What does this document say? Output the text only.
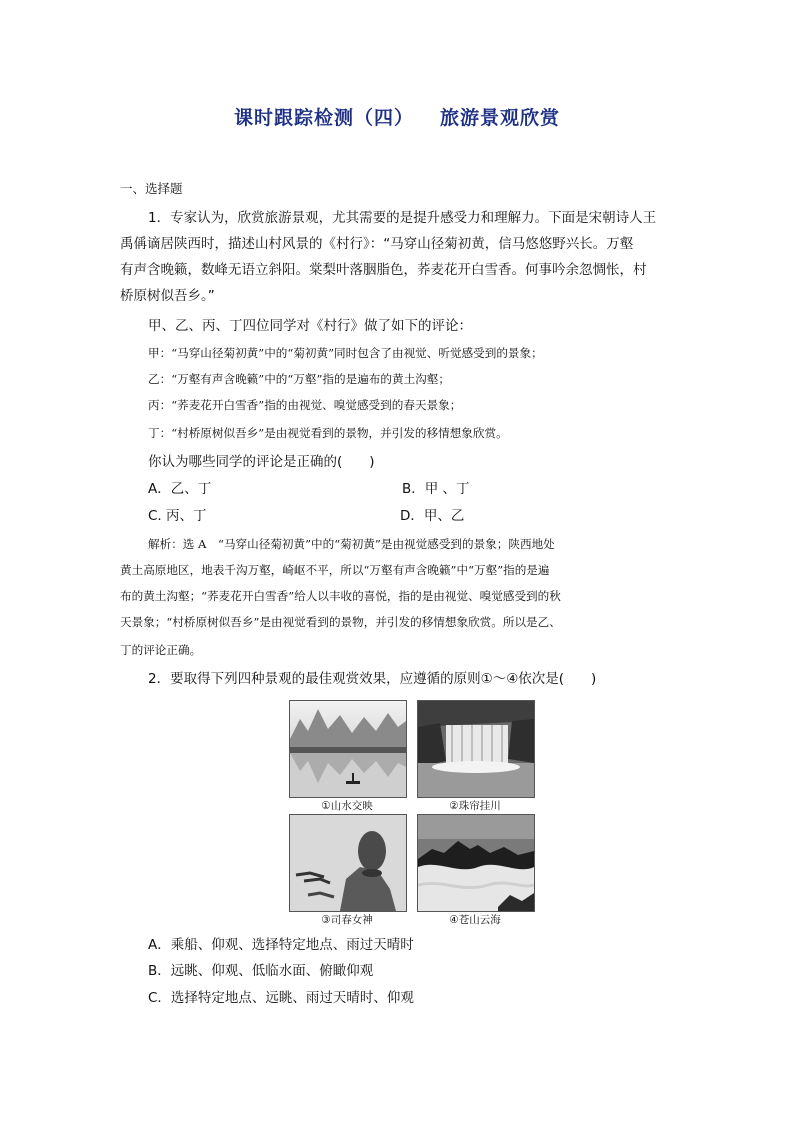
课时跟踪检测（四） 旅游景观欣赏
一、选择题
1．专家认为，欣赏旅游景观，尤其需要的是提升感受力和理解力。下面是宋朝诗人王
禹偁谪居陕西时，描述山村风景的《村行》：“马穿山径菊初黄，信马悠悠野兴长。万壑
有声含晚籁，数峰无语立斜阳。棠梨叶落胭脂色，荞麦花开白雪香。何事吟余忽惆怅，村
桥原树似吾乡。”
甲、乙、丙、丁四位同学对《村行》做了如下的评论：
甲：“马穿山径菊初黄”中的“菊初黄”同时包含了由视觉、听觉感受到的景象；
乙：“万壑有声含晚籁”中的“万壑”指的是遍布的黄土沟壑；
丙：“荞麦花开白雪香”指的由视觉、嗅觉感受到的春天景象；
丁：“村桥原树似吾乡”是由视觉看到的景物，并引发的移情想象欣赏。
你认为哪些同学的评论是正确的(　　)
A．乙、丁	B．甲 、丁
C. 丙、丁	D．甲、乙
解析：选 A　“马穿山径菊初黄”中的“菊初黄”是由视觉感受到的景象；陕西地处
黄土高原地区，地表千沟万壑，崎岖不平，所以“万壑有声含晚籁”中“万壑”指的是遍
布的黄土沟壑；“荞麦花开白雪香”给人以丰收的喜悦，指的是由视觉、嗅觉感受到的秋
天景象；“村桥原树似吾乡”是由视觉看到的景物，并引发的移情想象欣赏。所以是乙、
丁的评论正确。
2．要取得下列四种景观的最佳观赏效果，应遵循的原则①～④依次是(　　)
①山水交映	②珠帘挂川
③司春女神	④苍山云海
A．乘船、仰观、选择特定地点、雨过天晴时
B．远眺、仰观、低临水面、俯瞰仰观
C．选择特定地点、远眺、雨过天晴时、仰观
